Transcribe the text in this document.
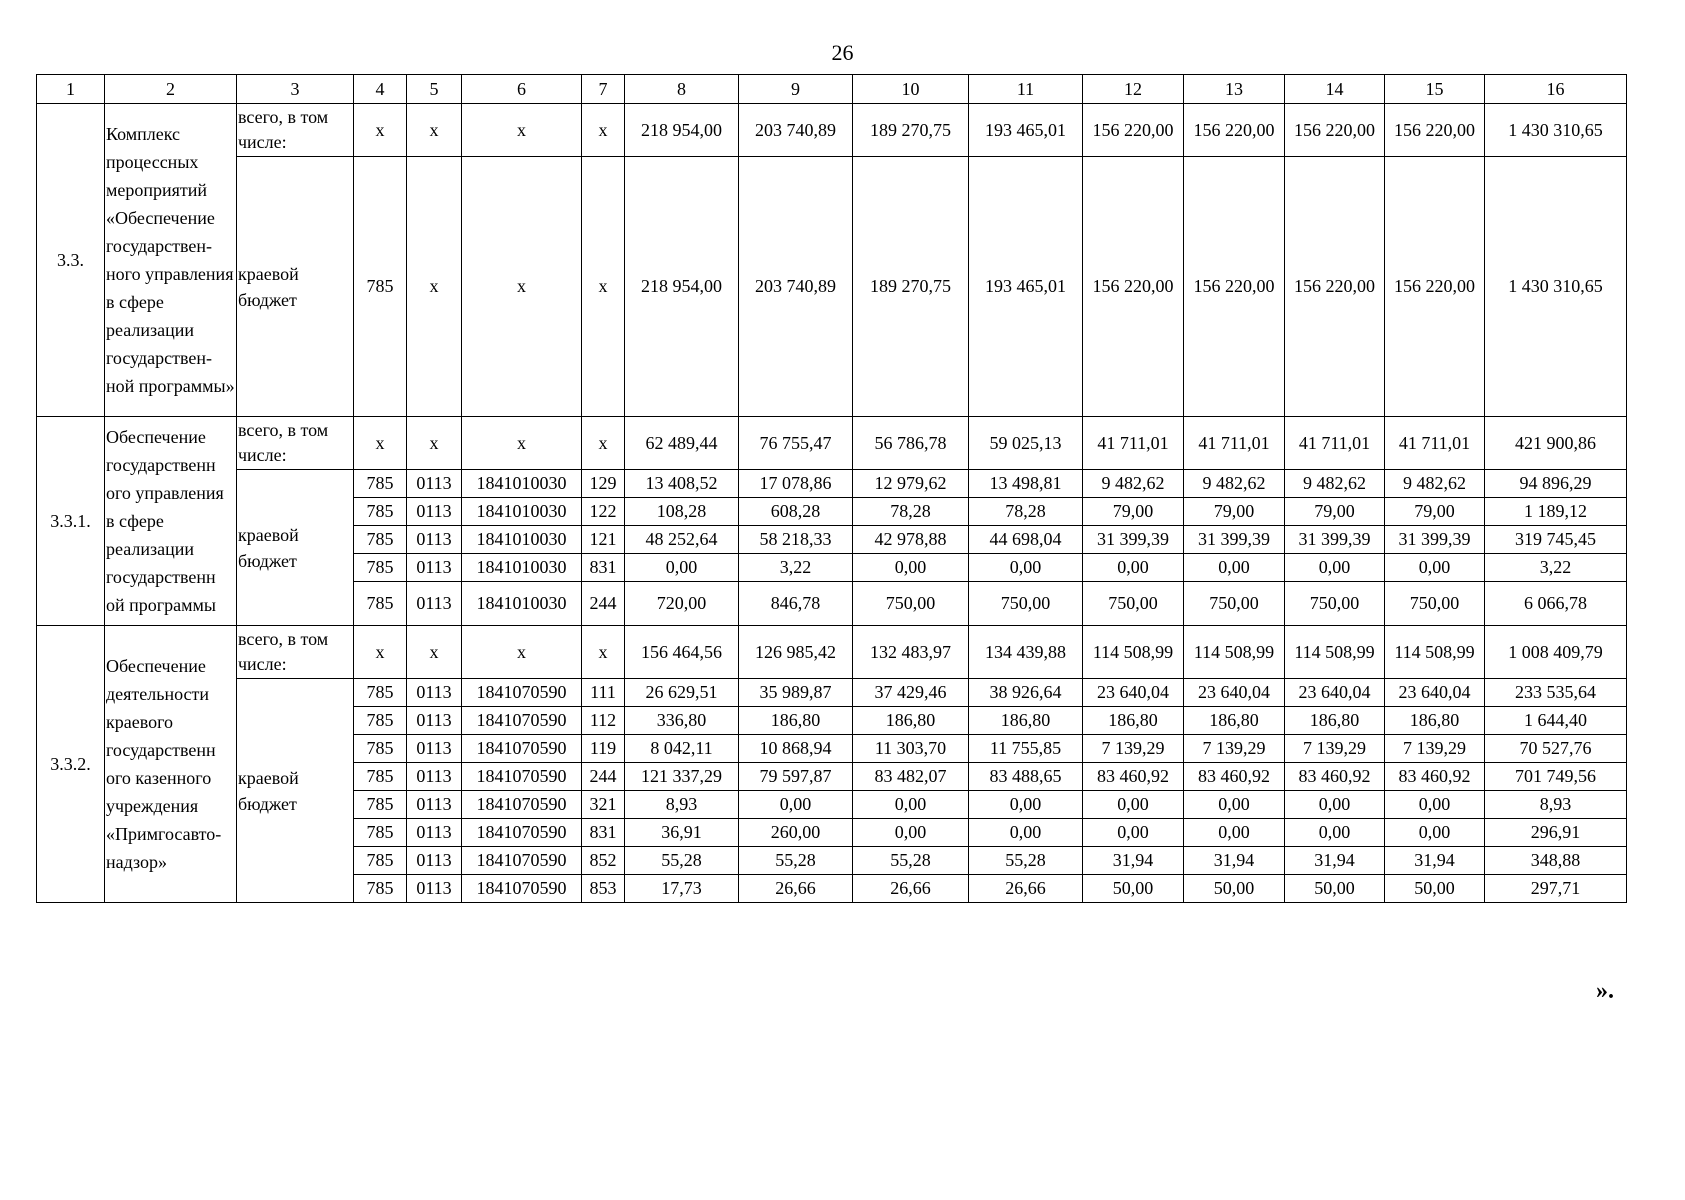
26
1	2	3	4	5	6	7	8	9	10	11	12	13	14	15	16
3.3.	Комплекс процессных мероприятий «Обеспечение государствен-ного управления в сфере реализации государствен-ной программы»	всего, в том числе:	x	x	x	x	218 954,00	203 740,89	189 270,75	193 465,01	156 220,00	156 220,00	156 220,00	156 220,00	1 430 310,65
		краевой бюджет	785	x	x	x	218 954,00	203 740,89	189 270,75	193 465,01	156 220,00	156 220,00	156 220,00	156 220,00	1 430 310,65
3.3.1.	Обеспечение государственн ого управления в сфере реализации государственн ой программы	всего, в том числе:	x	x	x	x	62 489,44	76 755,47	56 786,78	59 025,13	41 711,01	41 711,01	41 711,01	41 711,01	421 900,86
		краевой бюджет	785	0113	1841010030	129	13 408,52	17 078,86	12 979,62	13 498,81	9 482,62	9 482,62	9 482,62	9 482,62	94 896,29
			785	0113	1841010030	122	108,28	608,28	78,28	78,28	79,00	79,00	79,00	79,00	1 189,12
			785	0113	1841010030	121	48 252,64	58 218,33	42 978,88	44 698,04	31 399,39	31 399,39	31 399,39	31 399,39	319 745,45
			785	0113	1841010030	831	0,00	3,22	0,00	0,00	0,00	0,00	0,00	0,00	3,22
			785	0113	1841010030	244	720,00	846,78	750,00	750,00	750,00	750,00	750,00	750,00	6 066,78
3.3.2.	Обеспечение деятельности краевого государственн ого казенного учреждения «Примгосавто-надзор»	всего, в том числе:	x	x	x	x	156 464,56	126 985,42	132 483,97	134 439,88	114 508,99	114 508,99	114 508,99	114 508,99	1 008 409,79
		краевой бюджет	785	0113	1841070590	111	26 629,51	35 989,87	37 429,46	38 926,64	23 640,04	23 640,04	23 640,04	23 640,04	233 535,64
			785	0113	1841070590	112	336,80	186,80	186,80	186,80	186,80	186,80	186,80	186,80	1 644,40
			785	0113	1841070590	119	8 042,11	10 868,94	11 303,70	11 755,85	7 139,29	7 139,29	7 139,29	7 139,29	70 527,76
			785	0113	1841070590	244	121 337,29	79 597,87	83 482,07	83 488,65	83 460,92	83 460,92	83 460,92	83 460,92	701 749,56
			785	0113	1841070590	321	8,93	0,00	0,00	0,00	0,00	0,00	0,00	0,00	8,93
			785	0113	1841070590	831	36,91	260,00	0,00	0,00	0,00	0,00	0,00	0,00	296,91
			785	0113	1841070590	852	55,28	55,28	55,28	55,28	31,94	31,94	31,94	31,94	348,88
			785	0113	1841070590	853	17,73	26,66	26,66	26,66	50,00	50,00	50,00	50,00	297,71
».
